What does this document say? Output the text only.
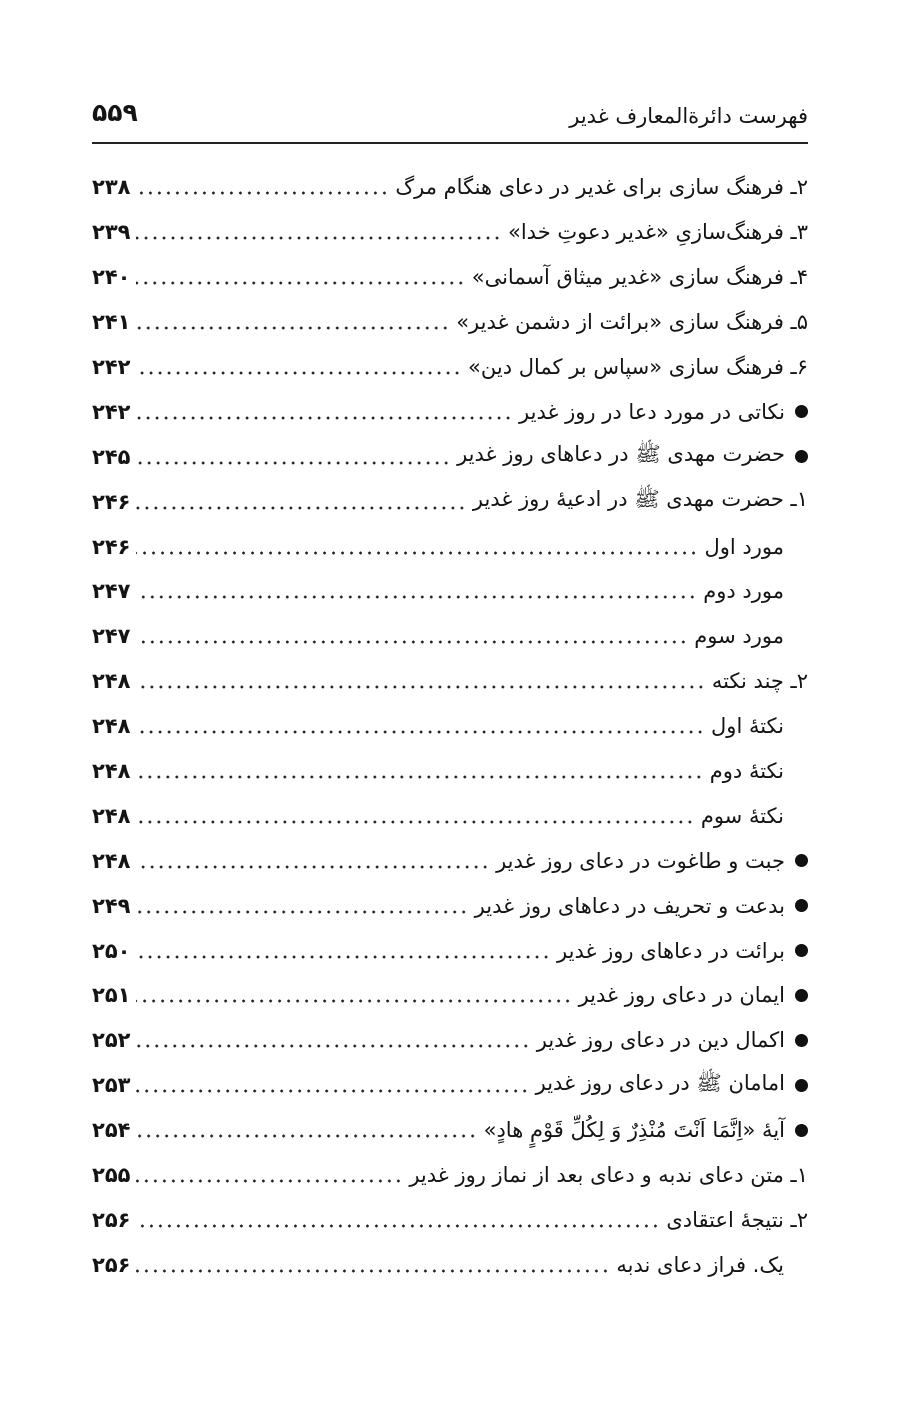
فهرست دائرةالمعارف غدیر
۵۵۹
۲ـ فرهنگ سازی برای غدیر در دعای هنگام مرگ
۲۳۸
۳ـ فرهنگ‌سازیِ «غدیر دعوتِ خدا»
۲۳۹
۴ـ فرهنگ سازی «غدیر میثاق آسمانی»
۲۴۰
۵ـ فرهنگ سازی «برائت از دشمن غدیر»
۲۴۱
۶ـ فرهنگ سازی «سپاس بر کمال دین»
۲۴۲
نکاتی در مورد دعا در روز غدیر
۲۴۲
حضرت مهدی ﷺ در دعاهای روز غدیر
۲۴۵
۱ـ حضرت مهدی ﷺ در ادعیهٔ روز غدیر
۲۴۶
مورد اول
۲۴۶
مورد دوم
۲۴۷
مورد سوم
۲۴۷
۲ـ چند نکته
۲۴۸
نکتهٔ اول
۲۴۸
نکتهٔ دوم
۲۴۸
نکتهٔ سوم
۲۴۸
جبت و طاغوت در دعای روز غدیر
۲۴۸
بدعت و تحریف در دعاهای روز غدیر
۲۴۹
برائت در دعاهای روز غدیر
۲۵۰
ایمان در دعای روز غدیر
۲۵۱
اکمال دین در دعای روز غدیر
۲۵۲
امامان ﷺ در دعای روز غدیر
۲۵۳
آیهٔ «اِنَّمَا اَنْتَ مُنْذِرٌ وَ لِکُلِّ قَوْمٍ هادٍ»
۲۵۴
۱ـ متن دعای ندبه و دعای بعد از نماز روز غدیر
۲۵۵
۲ـ نتیجهٔ اعتقادی
۲۵۶
یک. فراز دعای ندبه
۲۵۶
